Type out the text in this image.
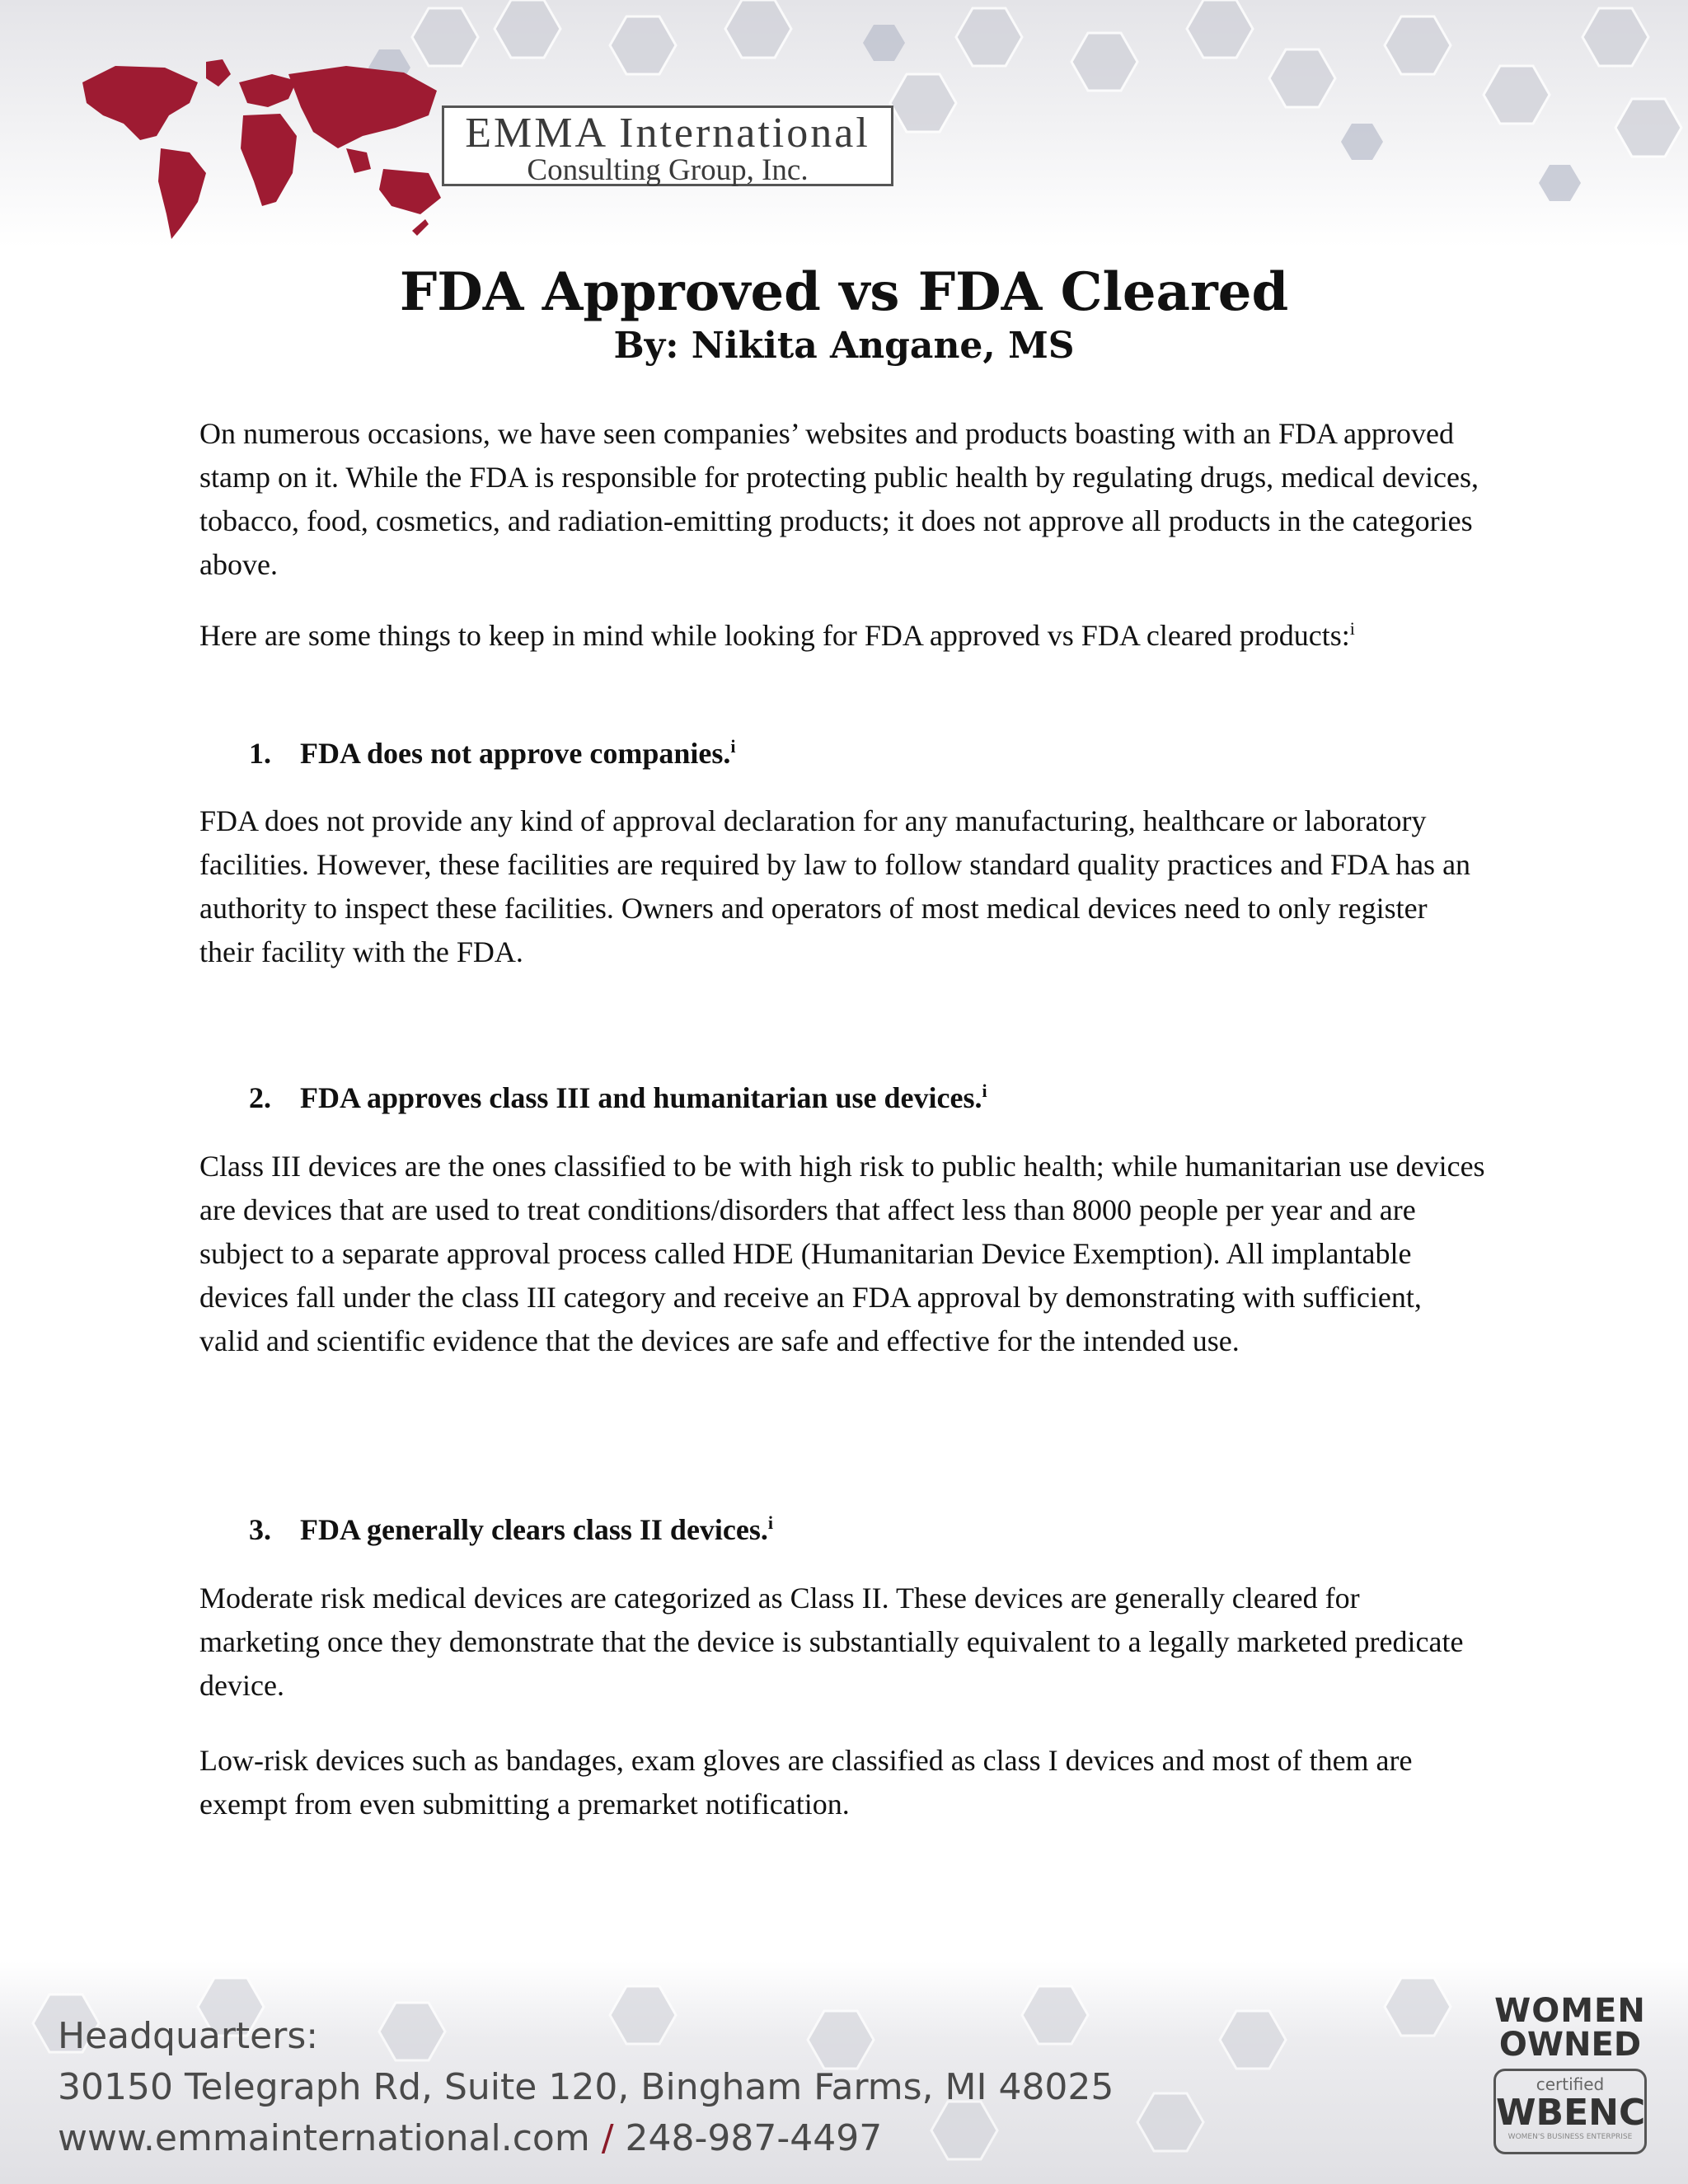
EMMA International
Consulting Group, Inc.
FDA Approved vs FDA Cleared
By: Nikita Angane, MS

On numerous occasions, we have seen companies’ websites and products boasting with an FDA approved stamp on it. While the FDA is responsible for protecting public health by regulating drugs, medical devices, tobacco, food, cosmetics, and radiation-emitting products; it does not approve all products in the categories above.

Here are some things to keep in mind while looking for FDA approved vs FDA cleared products:$^i$

1. FDA does not approve companies.$^i$

FDA does not provide any kind of approval declaration for any manufacturing, healthcare or laboratory facilities. However, these facilities are required by law to follow standard quality practices and FDA has an authority to inspect these facilities. Owners and operators of most medical devices need to only register their facility with the FDA.

2. FDA approves class III and humanitarian use devices.$^i$

Class III devices are the ones classified to be with high risk to public health; while humanitarian use devices are devices that are used to treat conditions/disorders that affect less than 8000 people per year and are subject to a separate approval process called HDE (Humanitarian Device Exemption). All implantable devices fall under the class III category and receive an FDA approval by demonstrating with sufficient, valid and scientific evidence that the devices are safe and effective for the intended use.

3. FDA generally clears class II devices.$^i$

Moderate risk medical devices are categorized as Class II. These devices are generally cleared for marketing once they demonstrate that the device is substantially equivalent to a legally marketed predicate device.

Low-risk devices such as bandages, exam gloves are classified as class I devices and most of them are exempt from even submitting a premarket notification.

Headquarters:
30150 Telegraph Rd, Suite 120, Bingham Farms, MI 48025
www.emmainternational.com / 248-987-4497
WOMEN
OWNED
certified
WBENC
WOMEN'S BUSINESS ENTERPRISE
